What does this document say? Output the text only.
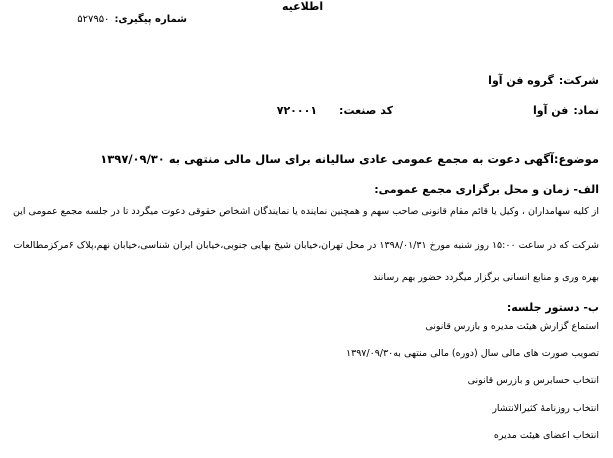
اطلاعیه
شماره پیگیری:
۵۲۷۹۵۰
شرکت:
گروه فن آوا
نماد:
فن آوا
کد صنعت:
۷۲۰۰۰۱
موضوع:آگهی دعوت به مجمع عمومی عادی سالیانه برای سال مالی منتهی به ۱۳۹۷/۰۹/۳۰
الف- زمان و محل برگزاری مجمع عمومی:
از کلیه سهامداران ، وکیل یا قائم مقام قانونی صاحب سهم و همچنین نماینده یا نمایندگان اشخاص حقوقی دعوت میگردد تا در جلسه مجمع عمومی این
شرکت که در ساعت ۱۵:۰۰ روز شنبه مورخ ۱۳۹۸/۰۱/۳۱ در محل تهران،خیابان شیخ بهایی جنوبی،خیابان ایران شناسی،خیابان نهم،پلاک ۶مرکزمطالعات
بهره وری و منابع انسانی برگزار میگردد حضور بهم رسانند
ب- دستور جلسه:
استماع گزارش هیئت مدیره و بازرس قانونی
تصویب صورت های مالی سال (دوره) مالی منتهی به۱۳۹۷/۰۹/۳۰
انتخاب حسابرس و بازرس قانونی
انتخاب روزنامهٔ کثیرالانتشار
انتخاب اعضای هیئت مدیره
